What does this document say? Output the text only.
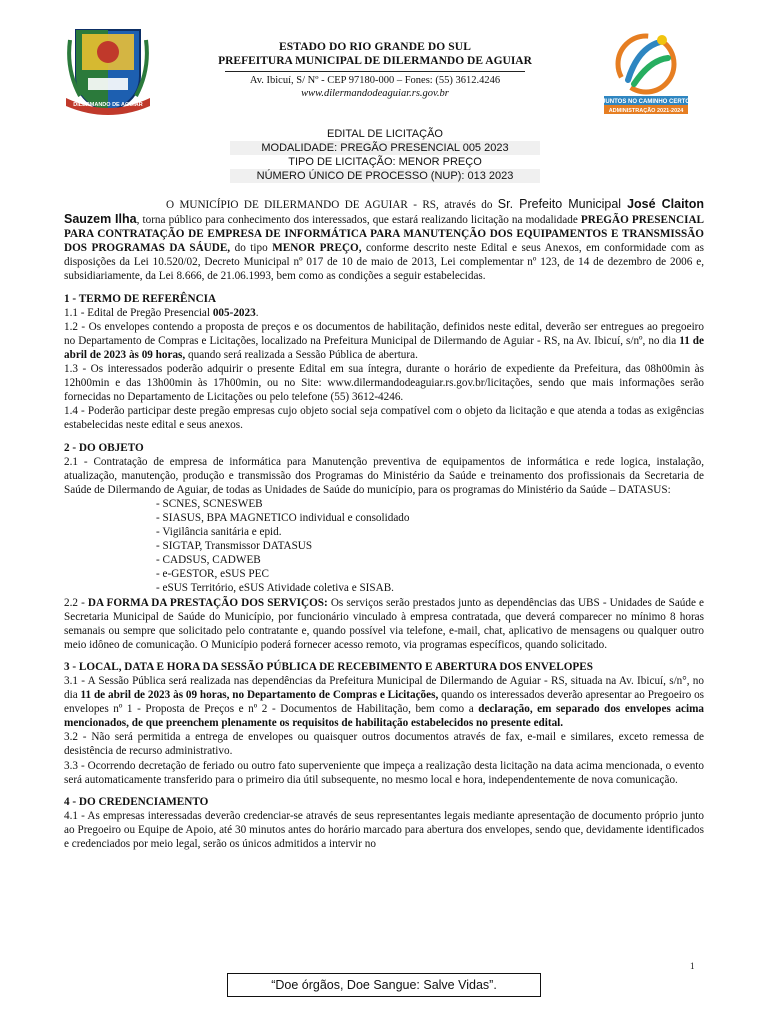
DILERMANDO DE AGUIAR
ESTADO DO RIO GRANDE DO SUL
PREFEITURA MUNICIPAL DE DILERMANDO DE AGUIAR
Av. Ibicuí, S/ Nº - CEP 97180-000 – Fones: (55) 3612.4246
www.dilermandodeaguiar.rs.gov.br
JUNTOS NO CAMINHO CERTO
ADMINISTRAÇÃO 2021-2024
EDITAL DE LICITAÇÃO
MODALIDADE: PREGÃO PRESENCIAL 005 2023
TIPO DE LICITAÇÃO: MENOR PREÇO
NÚMERO ÚNICO DE PROCESSO (NUP): 013 2023

O MUNICÍPIO DE DILERMANDO DE AGUIAR - RS, através do Sr. Prefeito Municipal José Claiton Sauzem Ilha, torna público para conhecimento dos interessados, que estará realizando licitação na modalidade PREGÃO PRESENCIAL PARA CONTRATAÇÃO DE EMPRESA DE INFORMÁTICA PARA MANUTENÇÃO DOS EQUIPAMENTOS E TRANSMISSÃO DOS PROGRAMAS DA SÁUDE, do tipo MENOR PREÇO, conforme descrito neste Edital e seus Anexos, em conformidade com as disposições da Lei 10.520/02, Decreto Municipal nº 017 de 10 de maio de 2013, Lei complementar nº 123, de 14 de dezembro de 2006 e, subsidiariamente, da Lei 8.666, de 21.06.1993, bem como as condições a seguir estabelecidas.

1 - TERMO DE REFERÊNCIA

1.1 - Edital de Pregão Presencial 005-2023.

1.2 - Os envelopes contendo a proposta de preços e os documentos de habilitação, definidos neste edital, deverão ser entregues ao pregoeiro no Departamento de Compras e Licitações, localizado na Prefeitura Municipal de Dilermando de Aguiar - RS, na Av. Ibicuí, s/nº, no dia 11 de abril de 2023 às 09 horas, quando será realizada a Sessão Pública de abertura.

1.3 - Os interessados poderão adquirir o presente Edital em sua íntegra, durante o horário de expediente da Prefeitura, das 08h00min às 12h00min e das 13h00min às 17h00min, ou no Site: www.dilermandodeaguiar.rs.gov.br/licitações, sendo que mais informações serão fornecidas no Departamento de Licitações ou pelo telefone (55) 3612-4246.

1.4 - Poderão participar deste pregão empresas cujo objeto social seja compatível com o objeto da licitação e que atenda a todas as exigências estabelecidas neste edital e seus anexos.

2 - DO OBJETO

2.1 - Contratação de empresa de informática para Manutenção preventiva de equipamentos de informática e rede logica, instalação, atualização, manutenção, produção e transmissão dos Programas do Ministério da Saúde e treinamento dos profissionais da Secretaria de Saúde de Dilermando de Aguiar, de todas as Unidades de Saúde do município, para os programas do Ministério da Saúde – DATASUS:

- SCNES, SCNESWEB
- SIASUS, BPA MAGNETICO individual e consolidado
- Vigilância sanitária e epid.
- SIGTAP, Transmissor DATASUS
- CADSUS, CADWEB
- e-GESTOR, eSUS PEC
- eSUS Território, eSUS Atividade coletiva e SISAB.

2.2 - DA FORMA DA PRESTAÇÃO DOS SERVIÇOS: Os serviços serão prestados junto as dependências das UBS - Unidades de Saúde e Secretaria Municipal de Saúde do Município, por funcionário vinculado à empresa contratada, que deverá comparecer no mínimo 8 horas semanais ou sempre que solicitado pelo contratante e, quando possível via telefone, e-mail, chat, aplicativo de mensagens ou qualquer outro meio idôneo de comunicação. O Município poderá fornecer acesso remoto, via programas específicos, quando solicitado.

3 - LOCAL, DATA E HORA DA SESSÃO PÚBLICA DE RECEBIMENTO E ABERTURA DOS ENVELOPES

3.1 - A Sessão Pública será realizada nas dependências da Prefeitura Municipal de Dilermando de Aguiar - RS, situada na Av. Ibicuí, s/n°, no dia 11 de abril de 2023 às 09 horas, no Departamento de Compras e Licitações, quando os interessados deverão apresentar ao Pregoeiro os envelopes nº 1 - Proposta de Preços e nº 2 - Documentos de Habilitação, bem como a declaração, em separado dos envelopes acima mencionados, de que preenchem plenamente os requisitos de habilitação estabelecidos no presente edital.

3.2 - Não será permitida a entrega de envelopes ou quaisquer outros documentos através de fax, e-mail e similares, exceto remessa de desistência de recurso administrativo.

3.3 - Ocorrendo decretação de feriado ou outro fato superveniente que impeça a realização desta licitação na data acima mencionada, o evento será automaticamente transferido para o primeiro dia útil subsequente, no mesmo local e hora, independentemente de nova comunicação.

4 - DO CREDENCIAMENTO

4.1 - As empresas interessadas deverão credenciar-se através de seus representantes legais mediante apresentação de documento próprio junto ao Pregoeiro ou Equipe de Apoio, até 30 minutos antes do horário marcado para abertura dos envelopes, sendo que, devidamente identificados e credenciados por meio legal, serão os únicos admitidos a intervir no

1
“Doe órgãos, Doe Sangue: Salve Vidas”.
